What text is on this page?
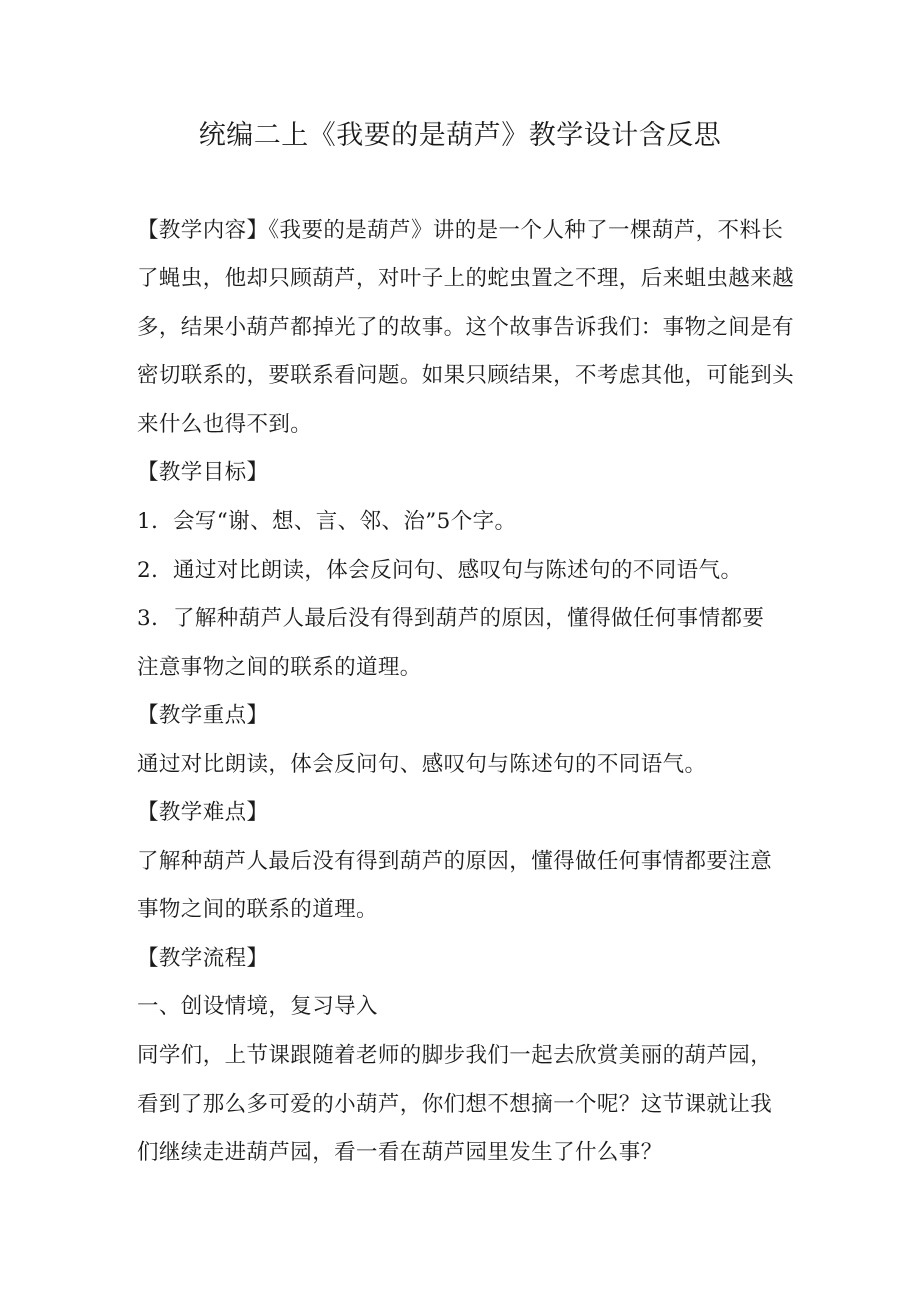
统编二上《我要的是葫芦》教学设计含反思
【教学内容】《我要的是葫芦》讲的是一个人种了一棵葫芦，不料长
了蝇虫，他却只顾葫芦，对叶子上的蛇虫置之不理，后来蛆虫越来越
多，结果小葫芦都掉光了的故事。这个故事告诉我们：事物之间是有
密切联系的，要联系看问题。如果只顾结果，不考虑其他，可能到头
来什么也得不到。
【教学目标】
1．会写“谢、想、言、邻、治”5个字。
2．通过对比朗读，体会反问句、感叹句与陈述句的不同语气。
3．了解种葫芦人最后没有得到葫芦的原因，懂得做任何事情都要
注意事物之间的联系的道理。
【教学重点】
通过对比朗读，体会反问句、感叹句与陈述句的不同语气。
【教学难点】
了解种葫芦人最后没有得到葫芦的原因，懂得做任何事情都要注意
事物之间的联系的道理。
【教学流程】
一、创设情境，复习导入
同学们，上节课跟随着老师的脚步我们一起去欣赏美丽的葫芦园，
看到了那么多可爱的小葫芦，你们想不想摘一个呢？这节课就让我
们继续走进葫芦园，看一看在葫芦园里发生了什么事？
